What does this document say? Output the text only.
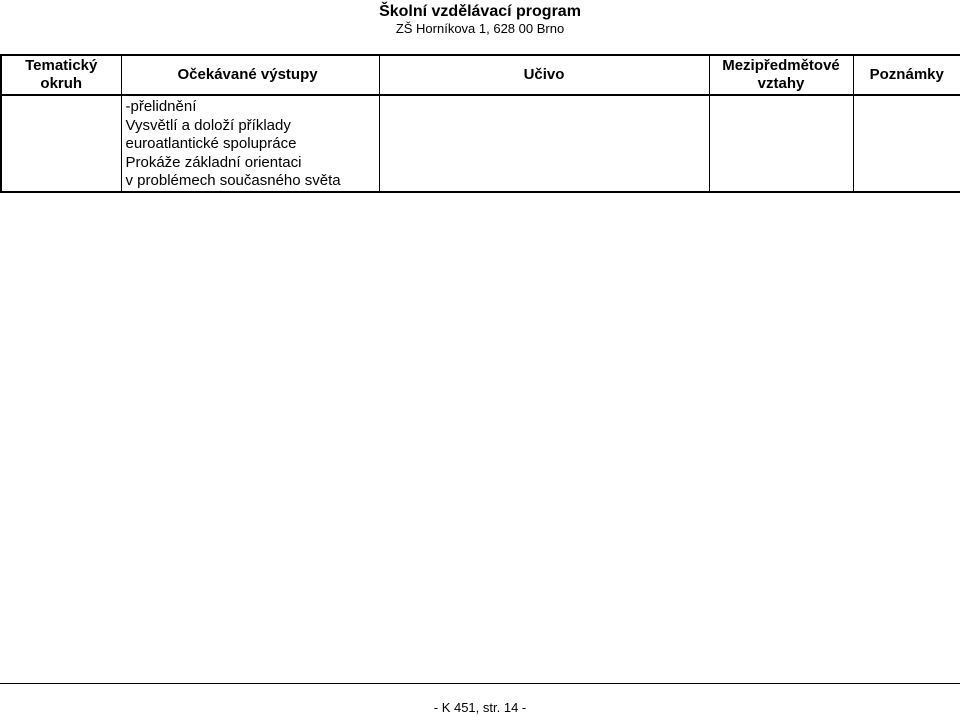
Školní vzdělávací program
ZŠ Horníkova 1, 628 00 Brno
Tematický
okruh	Očekávané výstupy	Učivo	Mezipředmětové
vztahy	Poznámky

	-přelidnění
Vysvětlí a doloží příklady
euroatlantické spolupráce
Prokáže základní orientaci
v problémech současného světa			

- K 451, str. 14 -
